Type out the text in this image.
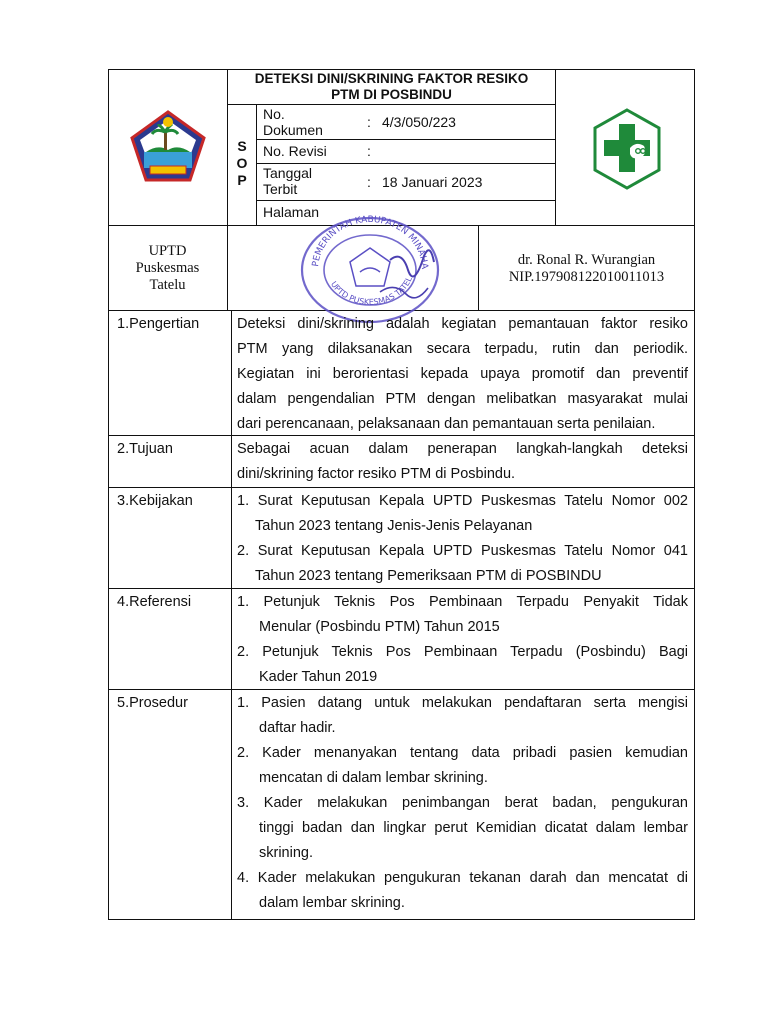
DETEKSI DINI/SKRINING FAKTOR RESIKO
PTM DI POSBINDU
S
O
P
No.
Dokumen	: 4/3/050/223
No. Revisi	:
Tanggal
Terbit	: 18 Januari 2023
Halaman
UPTD
Puskesmas
Tatelu
PEMERINTAH KABUPATEN MINAHA
UPTD PUSKESMAS TATEL
dr. Ronal R. Wurangian
NIP.197908122010011013
1.Pengertian	Deteksi dini/skrining adalah kegiatan pemantauan faktor resiko
PTM yang dilaksanakan secara terpadu, rutin dan periodik.
Kegiatan ini berorientasi kepada upaya promotif dan preventif
dalam pengendalian PTM dengan melibatkan masyarakat mulai
dari perencanaan, pelaksanaan dan pemantauan serta penilaian.
2.Tujuan	Sebagai acuan dalam penerapan langkah-langkah deteksi
dini/skrining factor resiko PTM di Posbindu.
3.Kebijakan	1. Surat Keputusan Kepala UPTD Puskesmas Tatelu Nomor 002
Tahun 2023 tentang Jenis-Jenis Pelayanan
2. Surat Keputusan Kepala UPTD Puskesmas Tatelu Nomor 041
Tahun 2023 tentang Pemeriksaan PTM di POSBINDU
4.Referensi	1. Petunjuk Teknis Pos Pembinaan Terpadu Penyakit Tidak
Menular (Posbindu PTM) Tahun 2015
2. Petunjuk Teknis Pos Pembinaan Terpadu (Posbindu) Bagi
Kader Tahun 2019
5.Prosedur	1. Pasien datang untuk melakukan pendaftaran serta mengisi
daftar hadir.
2. Kader menanyakan tentang data pribadi pasien kemudian
mencatan di dalam lembar skrining.
3. Kader melakukan penimbangan berat badan, pengukuran
tinggi badan dan lingkar perut Kemidian dicatat dalam lembar
skrining.
4. Kader melakukan pengukuran tekanan darah dan mencatat di
dalam lembar skrining.
